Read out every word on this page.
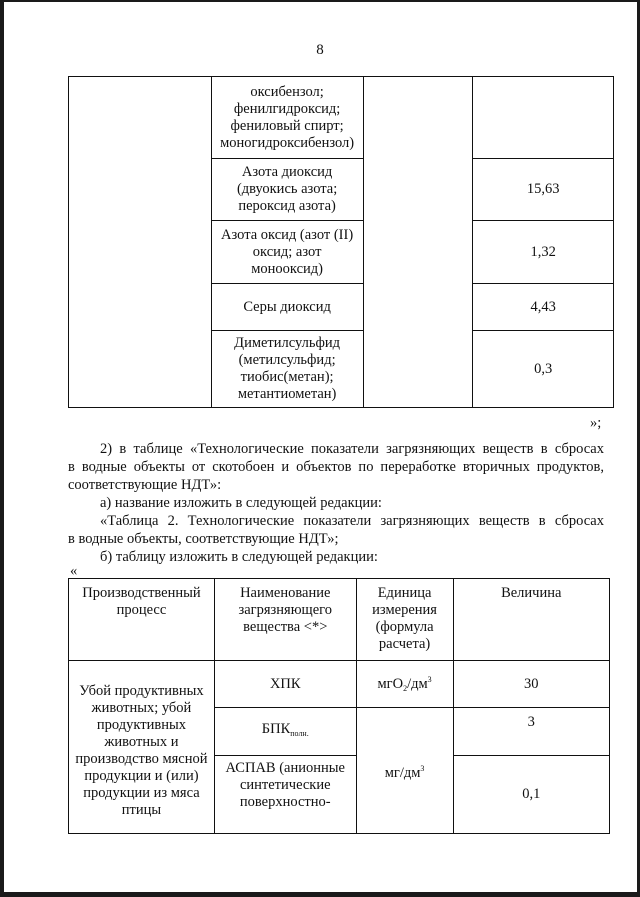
8
	оксибензол; фенилгидроксид; фениловый спирт; моногидроксибензол)		
	Азота диоксид (двуокись азота; пероксид азота)		15,63
	Азота оксид (азот (II) оксид; азот монооксид)		1,32
	Серы диоксид		4,43
	Диметилсульфид (метилсульфид; тиобис(метан); метантиометан)		0,3
»;
2) в таблице «Технологические показатели загрязняющих веществ в сбросах
в водные объекты от скотобоен и объектов по переработке вторичных продуктов,
соответствующие НДТ»:
а) название изложить в следующей редакции:
«Таблица 2. Технологические показатели загрязняющих веществ в сбросах
в водные объекты, соответствующие НДТ»;
б) таблицу изложить в следующей редакции:
«
Производственный процесс	Наименование загрязняющего вещества <*>	Единица измерения (формула расчета)	Величина
Убой продуктивных животных; убой продуктивных животных и производство мясной продукции и (или) продукции из мяса птицы	ХПК	$мгО_2/дм^3$	30
	$БПК_{полн.}$	$мг/дм^3$	3
	АСПАВ (анионные синтетические поверхностно-		0,1
